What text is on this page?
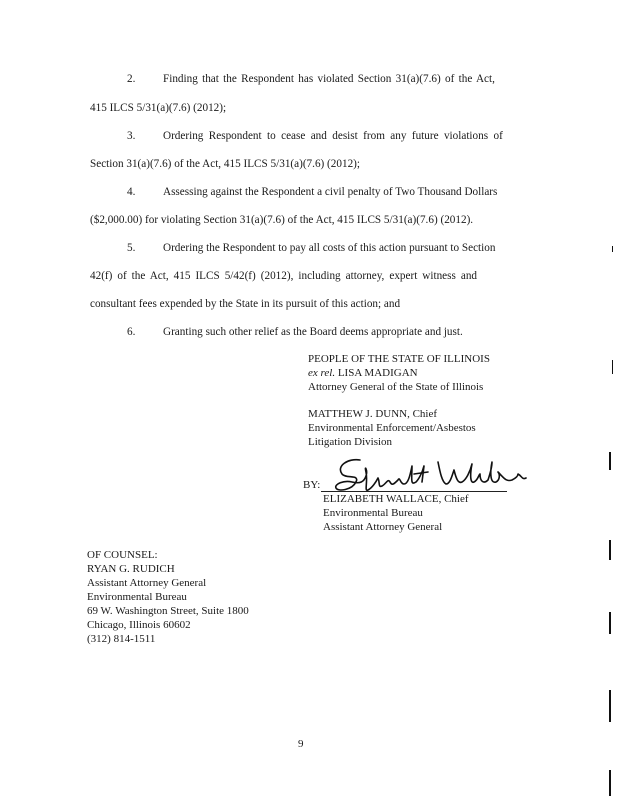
2. Finding that the Respondent has violated Section 31(a)(7.6) of the Act,
415 ILCS 5/31(a)(7.6) (2012);
3. Ordering Respondent to cease and desist from any future violations of
Section 31(a)(7.6) of the Act, 415 ILCS 5/31(a)(7.6) (2012);
4. Assessing against the Respondent a civil penalty of Two Thousand Dollars
($2,000.00) for violating Section 31(a)(7.6) of the Act, 415 ILCS 5/31(a)(7.6) (2012).
5. Ordering the Respondent to pay all costs of this action pursuant to Section
42(f) of the Act, 415 ILCS 5/42(f) (2012), including attorney, expert witness and
consultant fees expended by the State in its pursuit of this action; and
6. Granting such other relief as the Board deems appropriate and just.
PEOPLE OF THE STATE OF ILLINOIS
ex rel. LISA MADIGAN
Attorney General of the State of Illinois
MATTHEW J. DUNN, Chief
Environmental Enforcement/Asbestos
Litigation Division
BY:
ELIZABETH WALLACE, Chief
Environmental Bureau
Assistant Attorney General
OF COUNSEL:
RYAN G. RUDICH
Assistant Attorney General
Environmental Bureau
69 W. Washington Street, Suite 1800
Chicago, Illinois 60602
(312) 814-1511
9
